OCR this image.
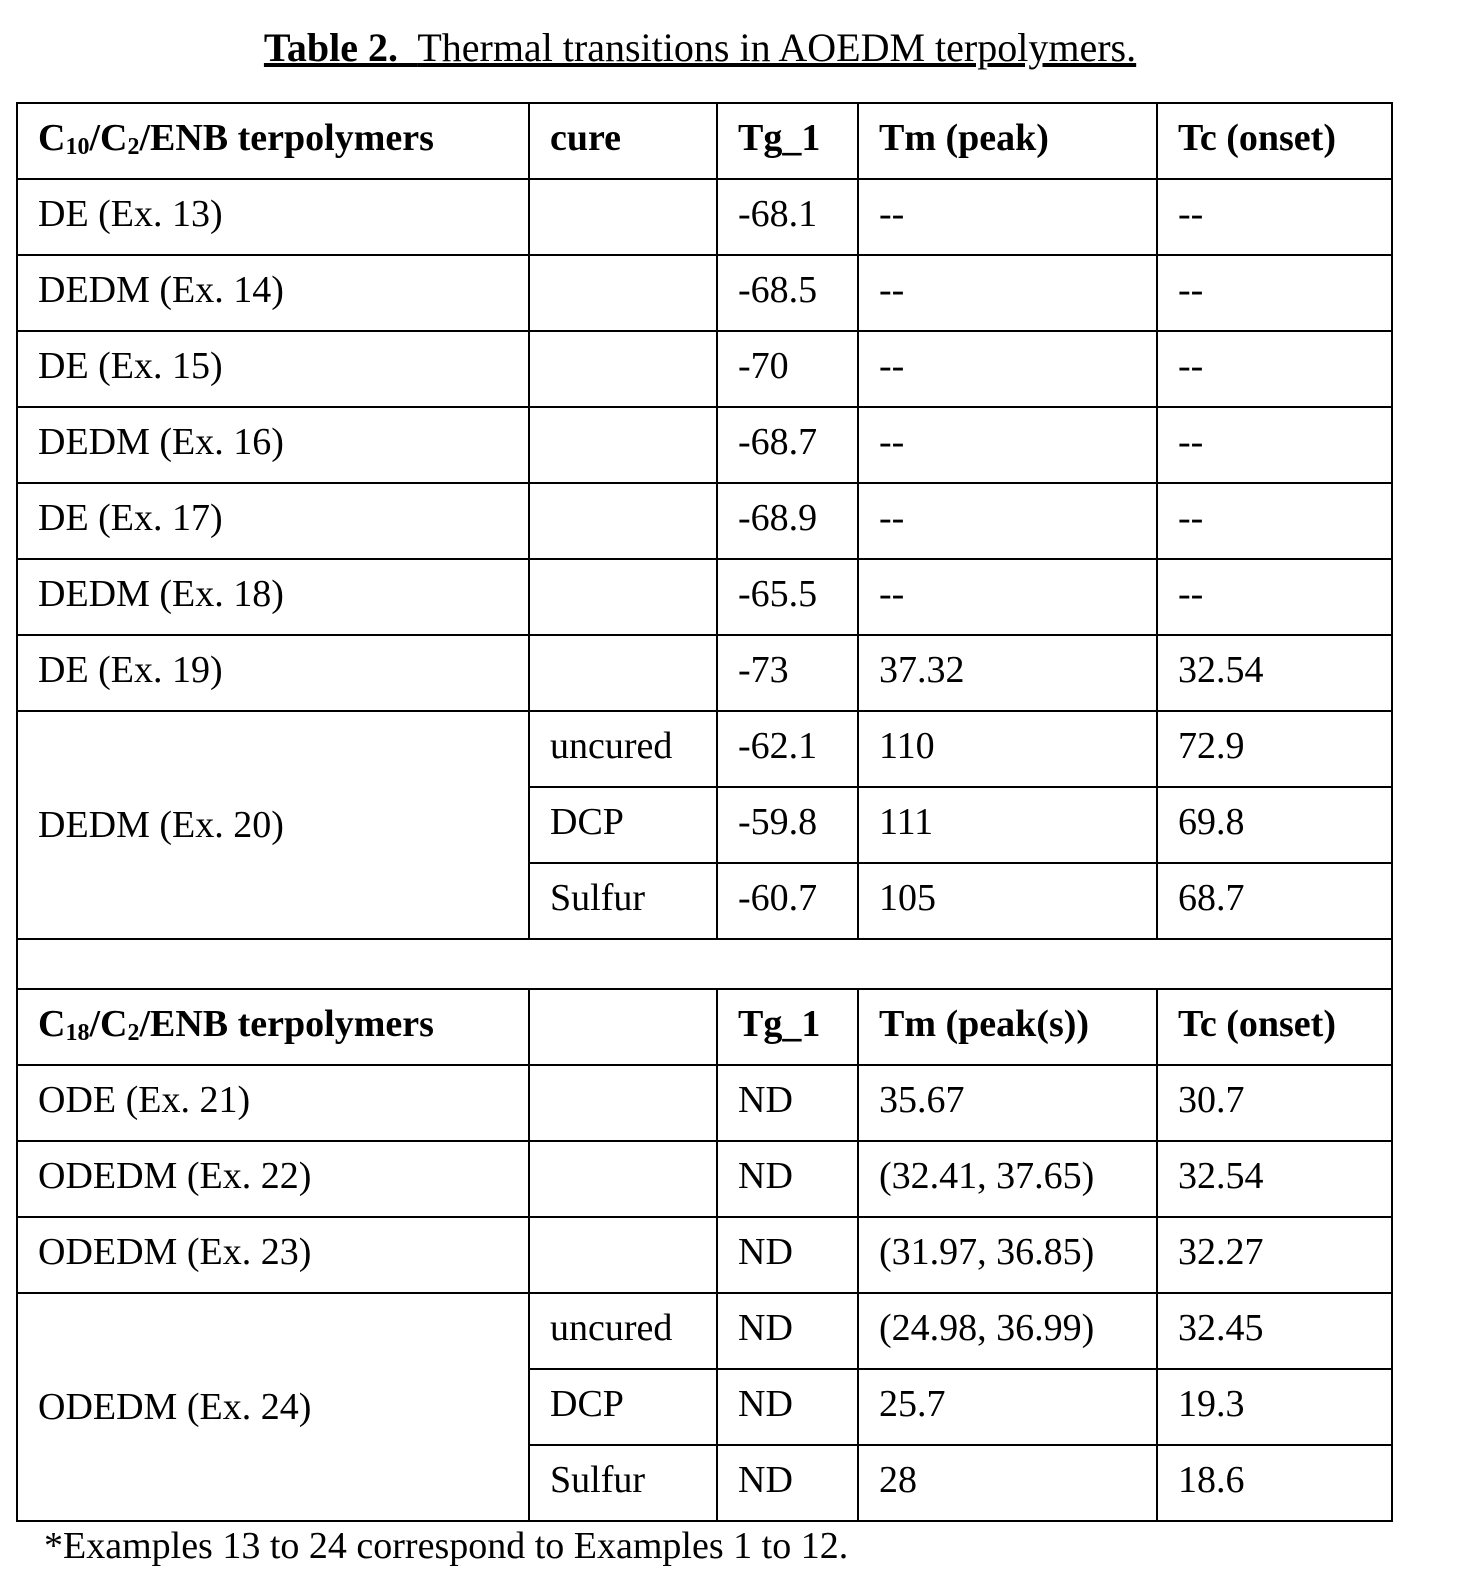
Table 2. Thermal transitions in AOEDM terpolymers.
C10/C2/ENB terpolymers	cure	Tg_1	Tm (peak)	Tc (onset)
DE (Ex. 13)		-68.1	--	--
DEDM (Ex. 14)		-68.5	--	--
DE (Ex. 15)		-70	--	--
DEDM (Ex. 16)		-68.7	--	--
DE (Ex. 17)		-68.9	--	--
DEDM (Ex. 18)		-65.5	--	--
DE (Ex. 19)		-73	37.32	32.54
DEDM (Ex. 20)	uncured	-62.1	110	72.9
DCP	-59.8	111	69.8
Sulfur	-60.7	105	68.7

C18/C2/ENB terpolymers		Tg_1	Tm (peak(s))	Tc (onset)
ODE (Ex. 21)		ND	35.67	30.7
ODEDM (Ex. 22)		ND	(32.41, 37.65)	32.54
ODEDM (Ex. 23)		ND	(31.97, 36.85)	32.27
ODEDM (Ex. 24)	uncured	ND	(24.98, 36.99)	32.45
DCP	ND	25.7	19.3
Sulfur	ND	28	18.6
*Examples 13 to 24 correspond to Examples 1 to 12.
